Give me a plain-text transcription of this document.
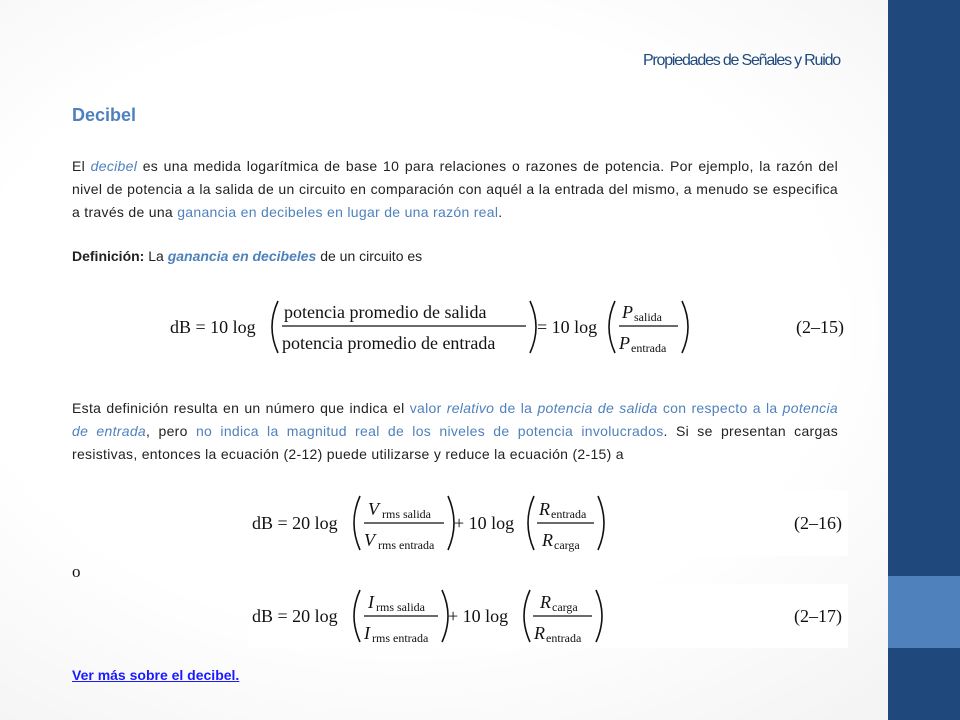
Propiedades de Señales y Ruido
Decibel
El decibel es una medida logarítmica de base 10 para relaciones o razones de potencia. Por ejemplo, la razón del nivel de potencia a la salida de un circuito en comparación con aquél a la entrada del mismo, a menudo se especifica a través de una ganancia en decibeles en lugar de una razón real.
Definición: La ganancia en decibeles de un circuito es
dB = 10 log
potencia promedio de salida
potencia promedio de entrada
= 10 log
P salida
P entrada
(2–15)
Esta definición resulta en un número que indica el valor relativo de la potencia de salida con respecto a la potencia de entrada, pero no indica la magnitud real de los niveles de potencia involucrados. Si se presentan cargas resistivas, entonces la ecuación (2-12) puede utilizarse y reduce la ecuación (2-15) a
dB = 20 log
V rms salida
V rms entrada
+ 10 log
R entrada
R carga
(2–16)
o
dB = 20 log
I rms salida
I rms entrada
+ 10 log
R carga
R entrada
(2–17)
Ver más sobre el decibel.
